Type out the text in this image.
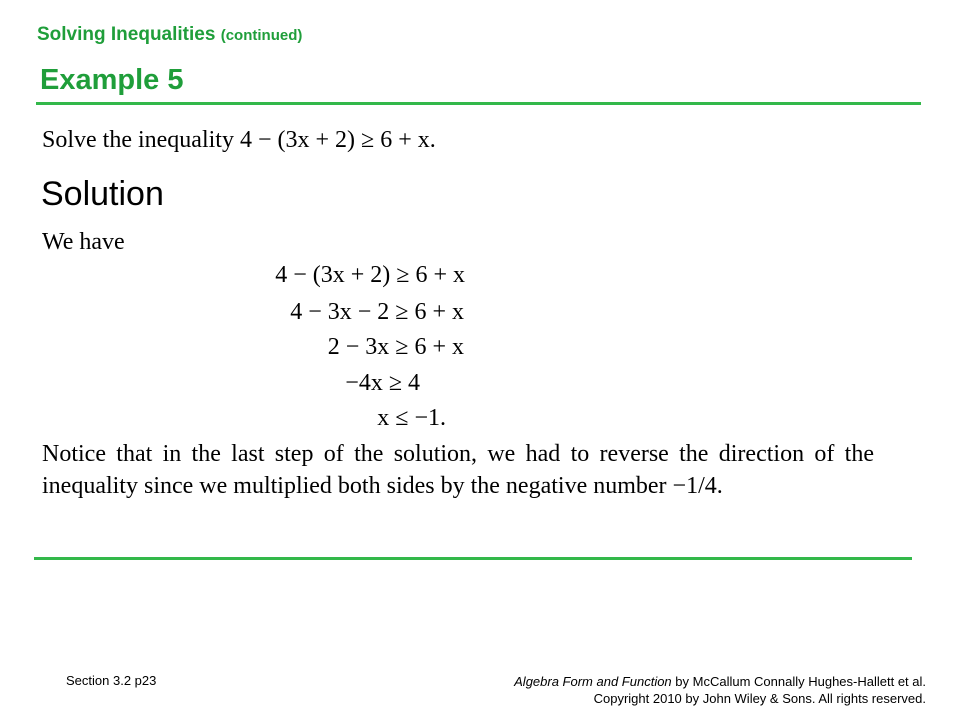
Solving Inequalities (continued)
Example 5
Solve the inequality 4 − (3x + 2) ≥ 6 + x.
Solution
We have
4 − (3x + 2) ≥ 6 + x
4 − 3x − 2 ≥ 6 + x
2 − 3x ≥ 6 + x
−4x ≥ 4
x ≤ −1.
Notice that in the last step of the solution, we had to reverse the direction of the inequality since we multiplied both sides by the negative number −1/4.
Section 3.2 p23	Algebra Form and Function by McCallum Connally Hughes-Hallett et al.
Copyright 2010 by John Wiley & Sons. All rights reserved.
